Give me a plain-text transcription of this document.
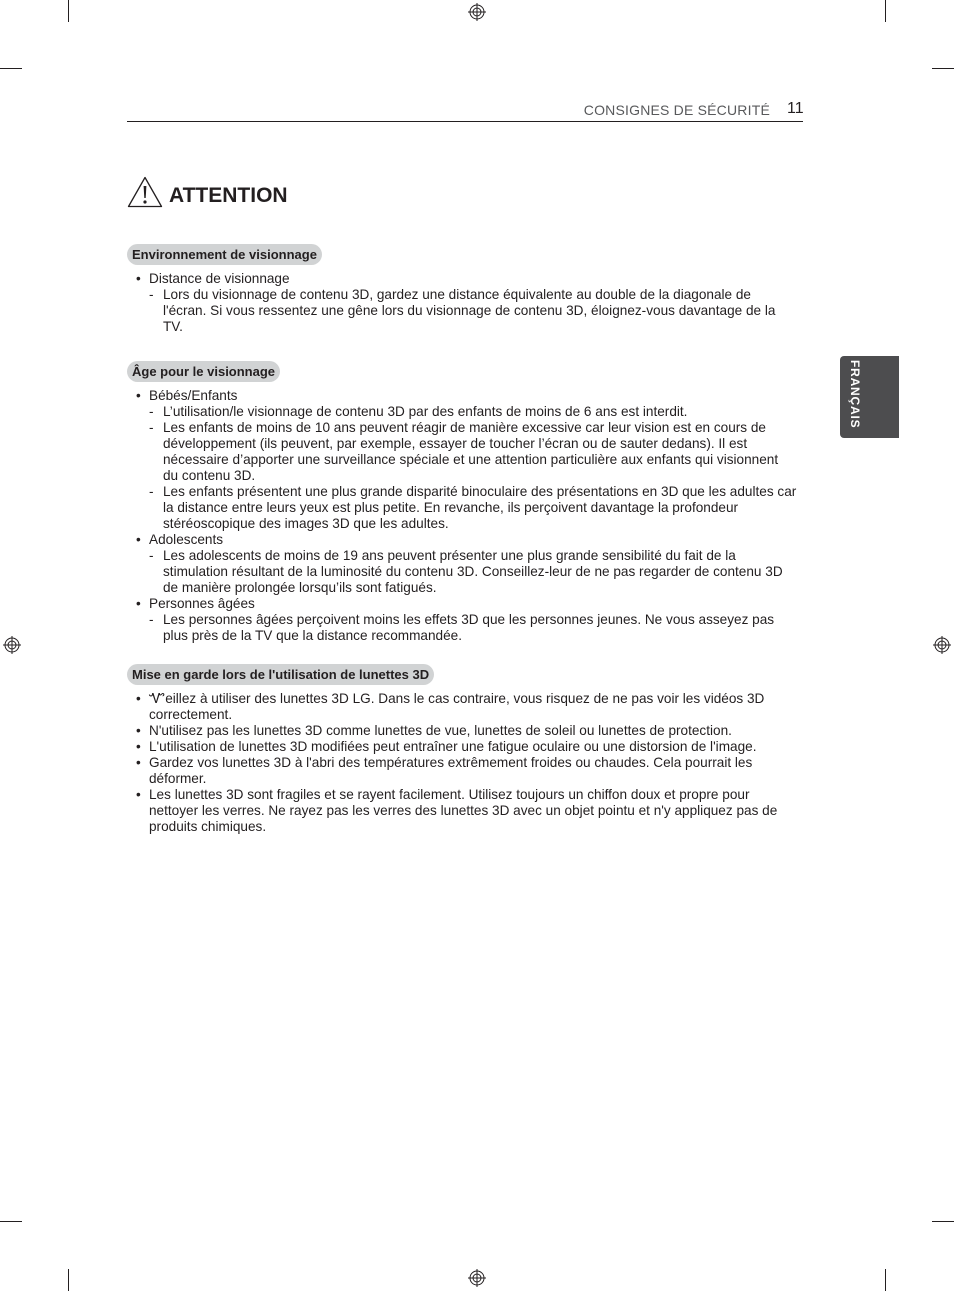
CONSIGNES DE SÉCURITÉ 11
FRANÇAIS
ATTENTION
Environnement de visionnage
• Distance de visionnage
- Lors du visionnage de contenu 3D, gardez une distance équivalente au double de la diagonale de l'écran. Si vous ressentez une gêne lors du visionnage de contenu 3D, éloignez-vous davantage de la TV.
Âge pour le visionnage
• Bébés/Enfants
- L’utilisation/le visionnage de contenu 3D par des enfants de moins de 6 ans est interdit.
- Les enfants de moins de 10 ans peuvent réagir de manière excessive car leur vision est en cours de développement (ils peuvent, par exemple, essayer de toucher l’écran ou de sauter dedans). Il est nécessaire d’apporter une surveillance spéciale et une attention particulière aux enfants qui visionnent du contenu 3D.
- Les enfants présentent une plus grande disparité binoculaire des présentations en 3D que les adultes car la distance entre leurs yeux est plus petite. En revanche, ils perçoivent davantage la profondeur stéréoscopique des images 3D que les adultes.
• Adolescents
- Les adolescents de moins de 19 ans peuvent présenter une plus grande sensibilité du fait de la stimulation résultant de la luminosité du contenu 3D. Conseillez-leur de ne pas regarder de contenu 3D de manière prolongée lorsqu’ils sont fatigués.
• Personnes âgées
- Les personnes âgées perçoivent moins les effets 3D que les personnes jeunes. Ne vous asseyez pas plus près de la TV que la distance recommandée.
Mise en garde lors de l'utilisation de lunettes 3D
• Ꮙeillez à utiliser des lunettes 3D LG. Dans le cas contraire, vous risquez de ne pas voir les vidéos 3D correctement.
• N'utilisez pas les lunettes 3D comme lunettes de vue, lunettes de soleil ou lunettes de protection.
• L'utilisation de lunettes 3D modifiées peut entraîner une fatigue oculaire ou une distorsion de l'image.
• Gardez vos lunettes 3D à l'abri des températures extrêmement froides ou chaudes. Cela pourrait les déformer.
• Les lunettes 3D sont fragiles et se rayent facilement. Utilisez toujours un chiffon doux et propre pour nettoyer les verres. Ne rayez pas les verres des lunettes 3D avec un objet pointu et n'y appliquez pas de produits chimiques.
